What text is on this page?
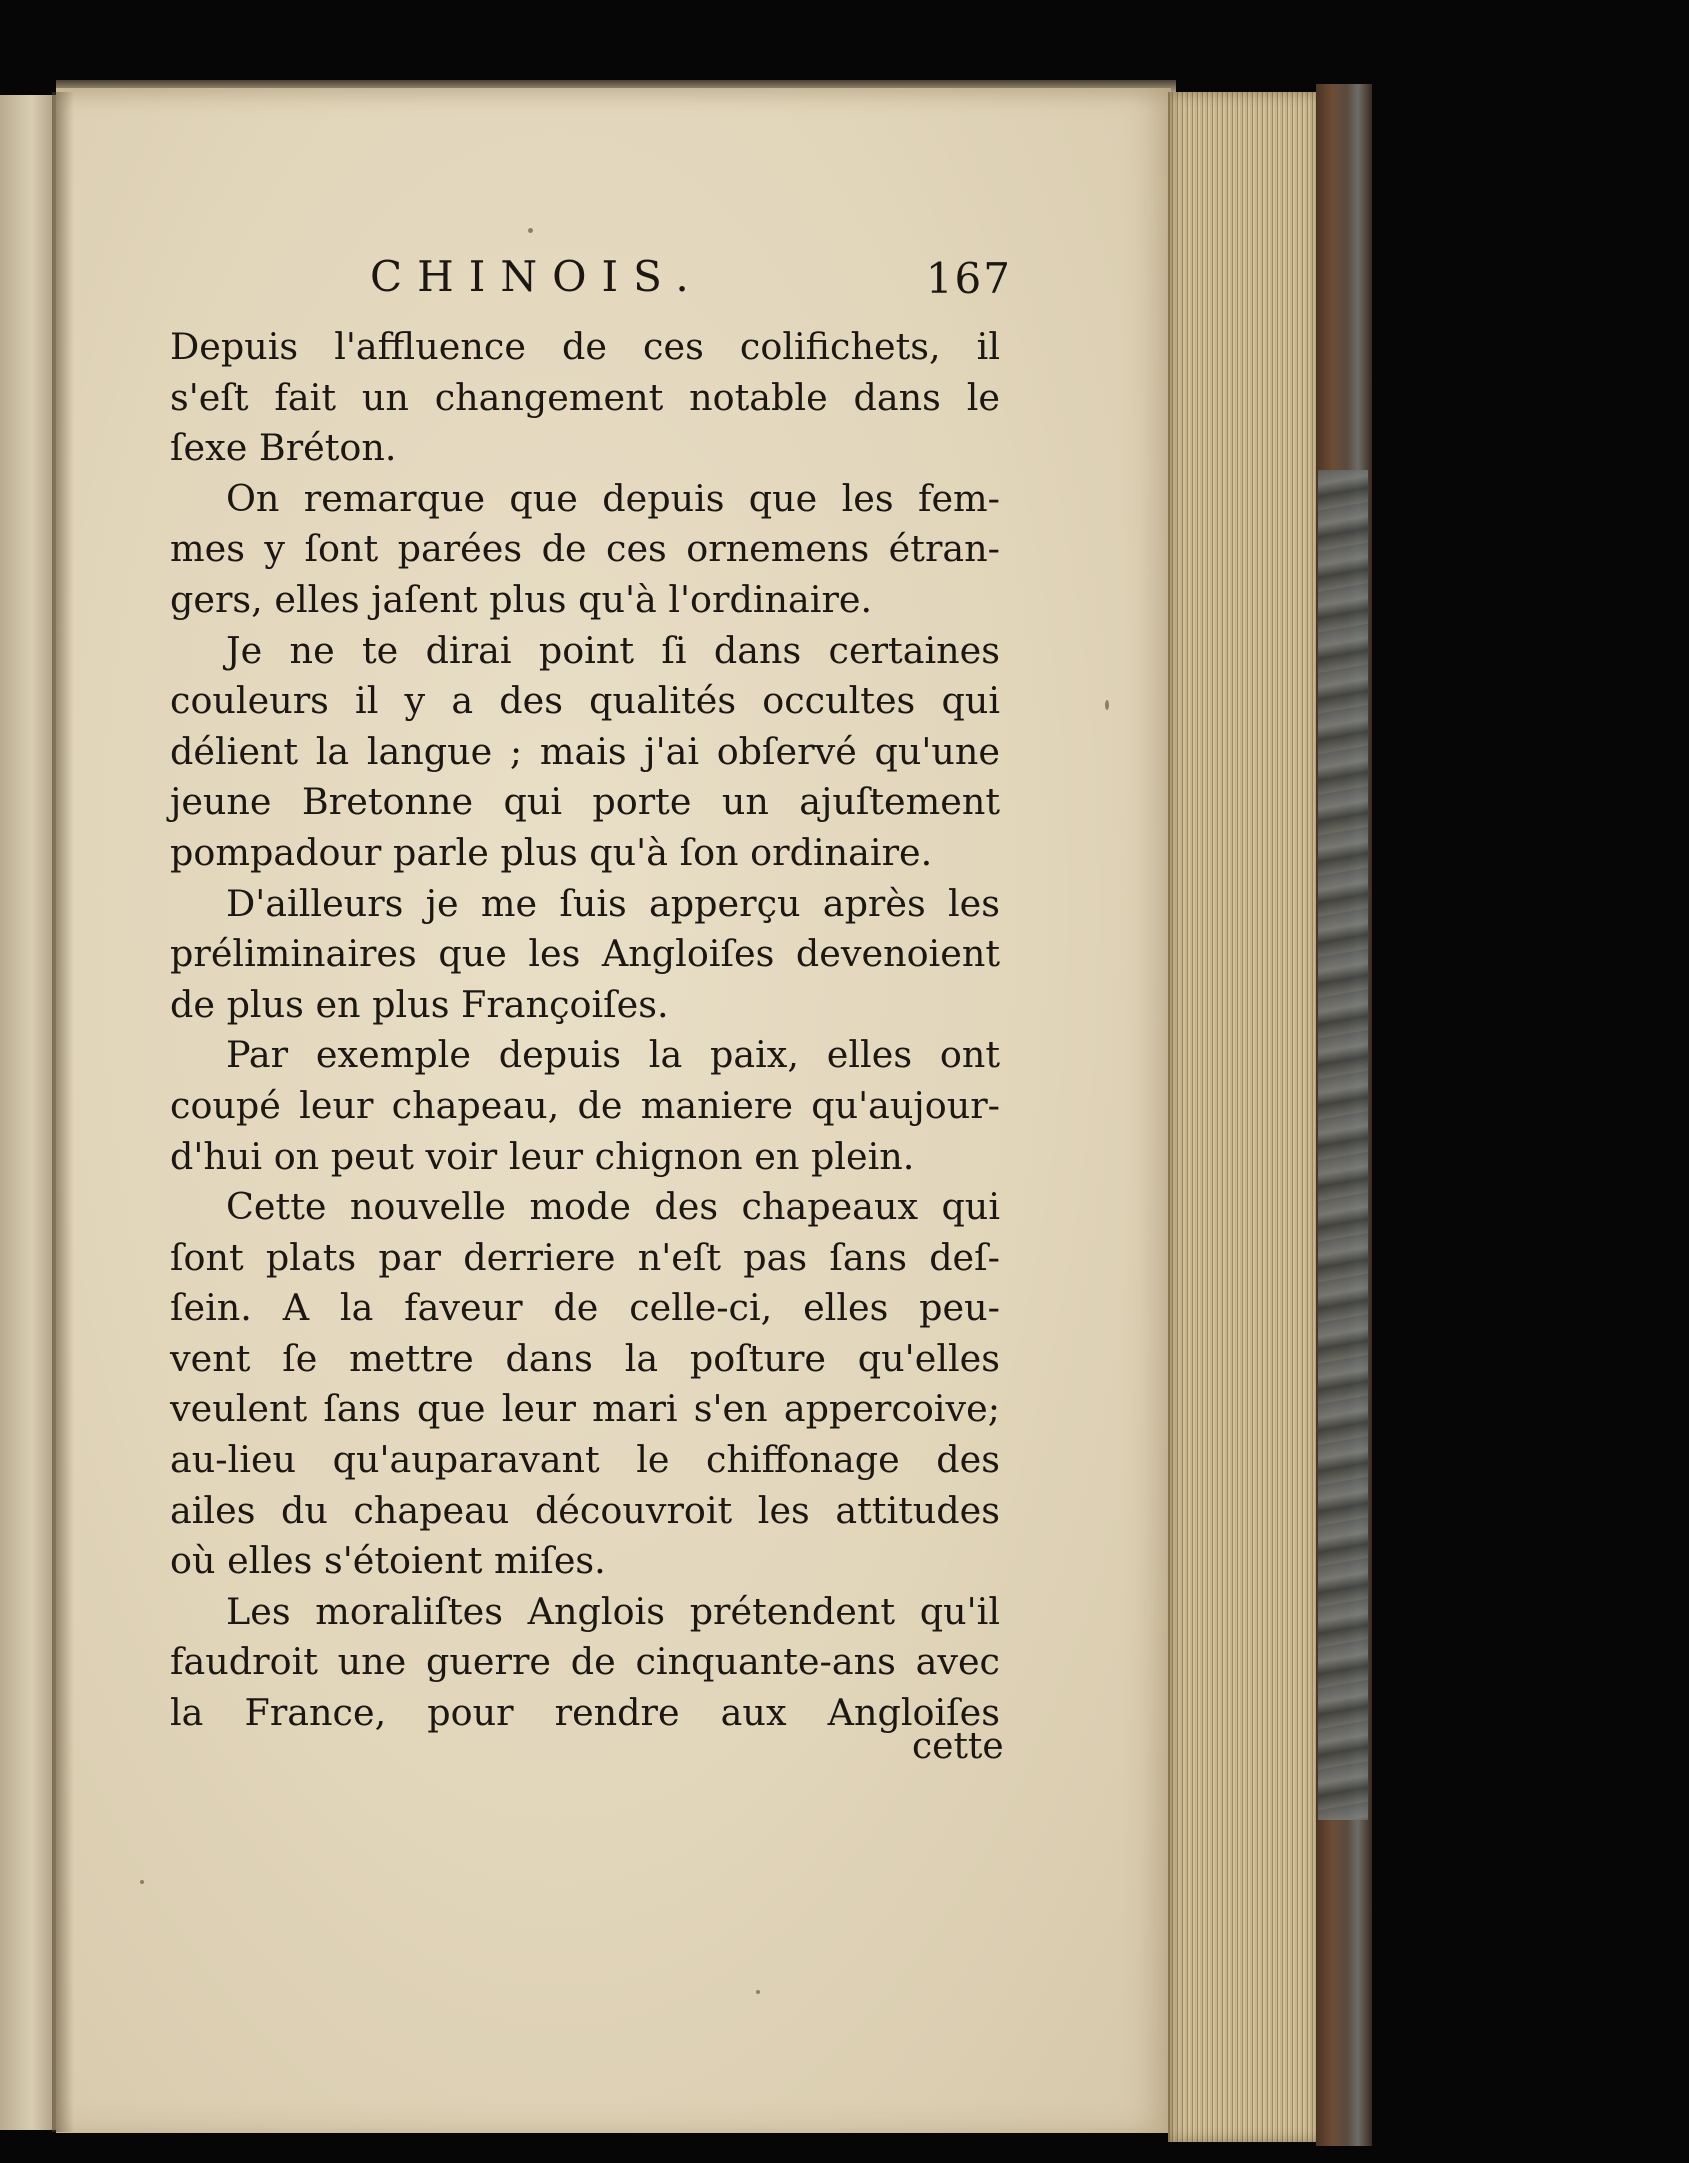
CHINOIS.	167
Depuis l'affluence de ces colifichets, il
s'eſt fait un changement notable dans le
ſexe Bréton.
On remarque que depuis que les fem-
mes y ſont parées de ces ornemens étran-
gers, elles jaſent plus qu'à l'ordinaire.
Je ne te dirai point ſi dans certaines
couleurs il y a des qualités occultes qui
délient la langue ; mais j'ai obſervé qu'une
jeune Bretonne qui porte un ajuſtement
pompadour parle plus qu'à ſon ordinaire.
D'ailleurs je me ſuis apperçu après les
préliminaires que les Angloiſes devenoient
de plus en plus Françoiſes.
Par exemple depuis la paix, elles ont
coupé leur chapeau, de maniere qu'aujour-
d'hui on peut voir leur chignon en plein.
Cette nouvelle mode des chapeaux qui
ſont plats par derriere n'eſt pas ſans deſ-
ſein. A la faveur de celle-ci, elles peu-
vent ſe mettre dans la poſture qu'elles
veulent ſans que leur mari s'en appercoive;
au-lieu qu'auparavant le chiffonage des
ailes du chapeau découvroit les attitudes
où elles s'étoient miſes.
Les moraliſtes Anglois prétendent qu'il
faudroit une guerre de cinquante-ans avec
la France, pour rendre aux Angloiſes
cette
